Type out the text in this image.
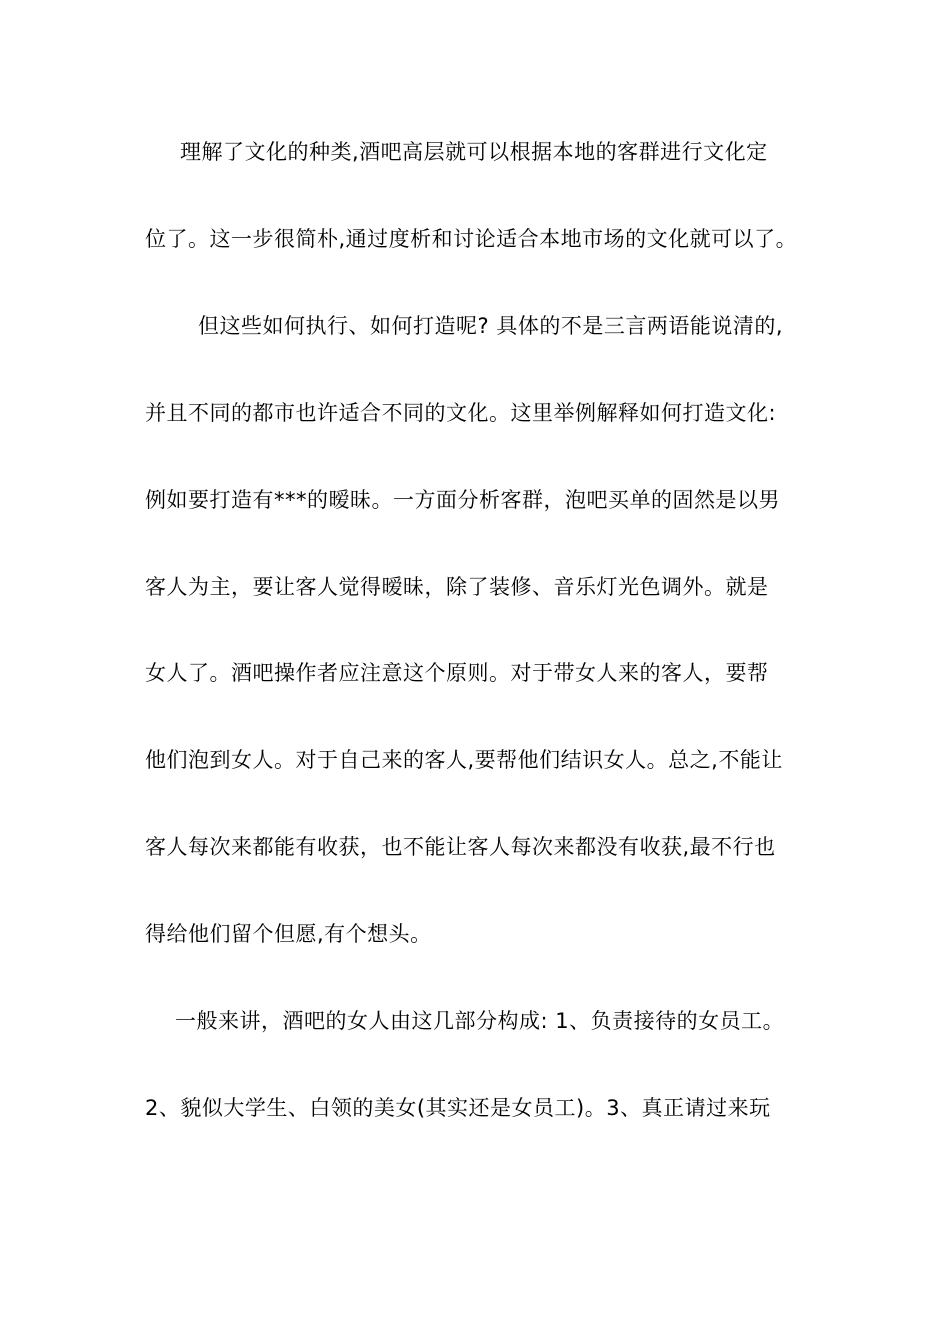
理解了文化的种类,酒吧高层就可以根据本地的客群进行文化定
位了。这一步很简朴,通过度析和讨论适合本地市场的文化就可以了。
但这些如何执行、如何打造呢? 具体的不是三言两语能说清的,
并且不同的都市也许适合不同的文化。这里举例解释如何打造文化:
例如要打造有***的暧昧。一方面分析客群，泡吧买单的固然是以男
客人为主，要让客人觉得暧昧，除了装修、音乐灯光色调外。就是
女人了。酒吧操作者应注意这个原则。对于带女人来的客人，要帮
他们泡到女人。对于自己来的客人,要帮他们结识女人。总之,不能让
客人每次来都能有收获，也不能让客人每次来都没有收获,最不行也
得给他们留个但愿,有个想头。
一般来讲，酒吧的女人由这几部分构成: 1、负责接待的女员工。
2、貌似大学生、白领的美女(其实还是女员工)。3、真正请过来玩
